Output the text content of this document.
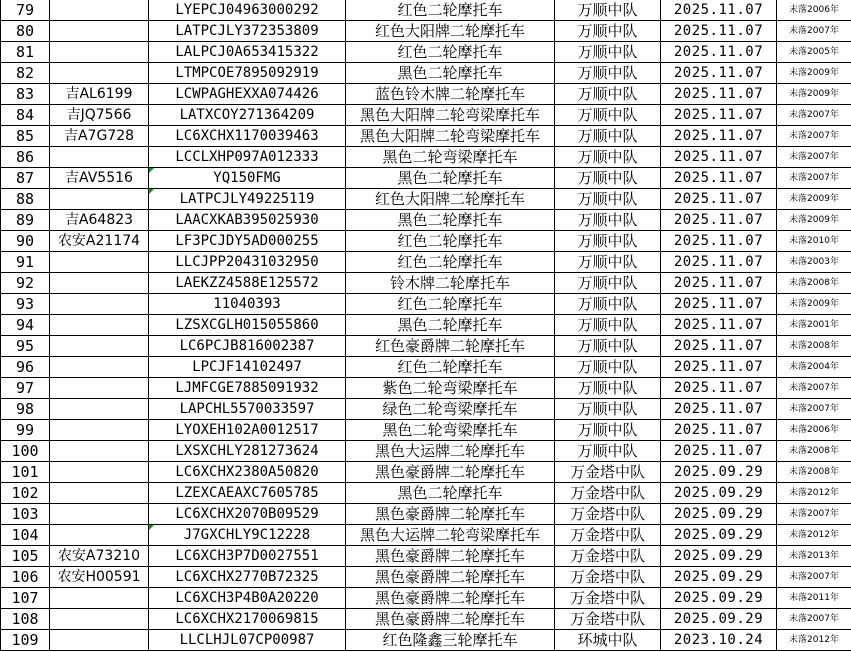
79		LYEPCJ04963000292	红色二轮摩托车	万顺中队	2025.11.07	未落2006年
80		LATPCJLY372353809	红色大阳牌二轮摩托车	万顺中队	2025.11.07	未落2007年
81		LALPCJ0A653415322	红色二轮摩托车	万顺中队	2025.11.07	未落2005年
82		LTMPCOE7895092919	黑色二轮摩托车	万顺中队	2025.11.07	未落2009年
83	吉AL6199	LCWPAGHEXXA074426	蓝色铃木牌二轮摩托车	万顺中队	2025.11.07	未落2009年
84	吉JQ7566	LATXCOY271364209	黑色大阳牌二轮弯梁摩托车	万顺中队	2025.11.07	未落2007年
85	吉A7G728	LC6XCHX1170039463	黑色大阳牌二轮弯梁摩托车	万顺中队	2025.11.07	未落2007年
86		LCCLXHP097A012333	黑色二轮弯梁摩托车	万顺中队	2025.11.07	未落2007年
87	吉AV5516	YQ150FMG	黑色二轮摩托车	万顺中队	2025.11.07	未落2007年
88		LATPCJLY49225119	红色大阳牌二轮摩托车	万顺中队	2025.11.07	未落2009年
89	吉A64823	LAACXKAB395025930	黑色二轮摩托车	万顺中队	2025.11.07	未落2009年
90	农安A21174	LF3PCJDY5AD000255	红色二轮摩托车	万顺中队	2025.11.07	未落2010年
91		LLCJPP20431032950	红色二轮摩托车	万顺中队	2025.11.07	未落2003年
92		LAEKZZ4588E125572	铃木牌二轮摩托车	万顺中队	2025.11.07	未落2008年
93		11040393	红色二轮摩托车	万顺中队	2025.11.07	未落2009年
94		LZSXCGLH015055860	黑色二轮摩托车	万顺中队	2025.11.07	未落2001年
95		LC6PCJB816002387	红色豪爵牌二轮摩托车	万顺中队	2025.11.07	未落2008年
96		LPCJF14102497	红色二轮摩托车	万顺中队	2025.11.07	未落2004年
97		LJMFCGE7885091932	紫色二轮弯梁摩托车	万顺中队	2025.11.07	未落2007年
98		LAPCHL5570033597	绿色二轮弯梁摩托车	万顺中队	2025.11.07	未落2007年
99		LYOXEH102A0012517	黑色二轮弯梁摩托车	万顺中队	2025.11.07	未落2006年
100		LXSXCHLY281273624	黑色大运牌二轮摩托车	万顺中队	2025.11.07	未落2008年
101		LC6XCHX2380A50820	黑色豪爵牌二轮摩托车	万金塔中队	2025.09.29	未落2008年
102		LZEXCAEAXC7605785	黑色二轮摩托车	万金塔中队	2025.09.29	未落2012年
103		LC6XCHX2070B09529	黑色豪爵牌二轮摩托车	万金塔中队	2025.09.29	未落2007年
104		J7GXCHLY9C12228	黑色大运牌二轮弯梁摩托车	万金塔中队	2025.09.29	未落2012年
105	农安A73210	LC6XCH3P7D0027551	黑色豪爵牌二轮摩托车	万金塔中队	2025.09.29	未落2013年
106	农安H00591	LC6XCHX2770B72325	黑色豪爵牌二轮摩托车	万金塔中队	2025.09.29	未落2007年
107		LC6XCH3P4B0A20220	黑色豪爵牌二轮摩托车	万金塔中队	2025.09.29	未落2011年
108		LC6XCHX2170069815	黑色豪爵牌二轮摩托车	万金塔中队	2025.09.29	未落2007年
109		LLCLHJL07CP00987	红色隆鑫三轮摩托车	环城中队	2023.10.24	未落2012年
